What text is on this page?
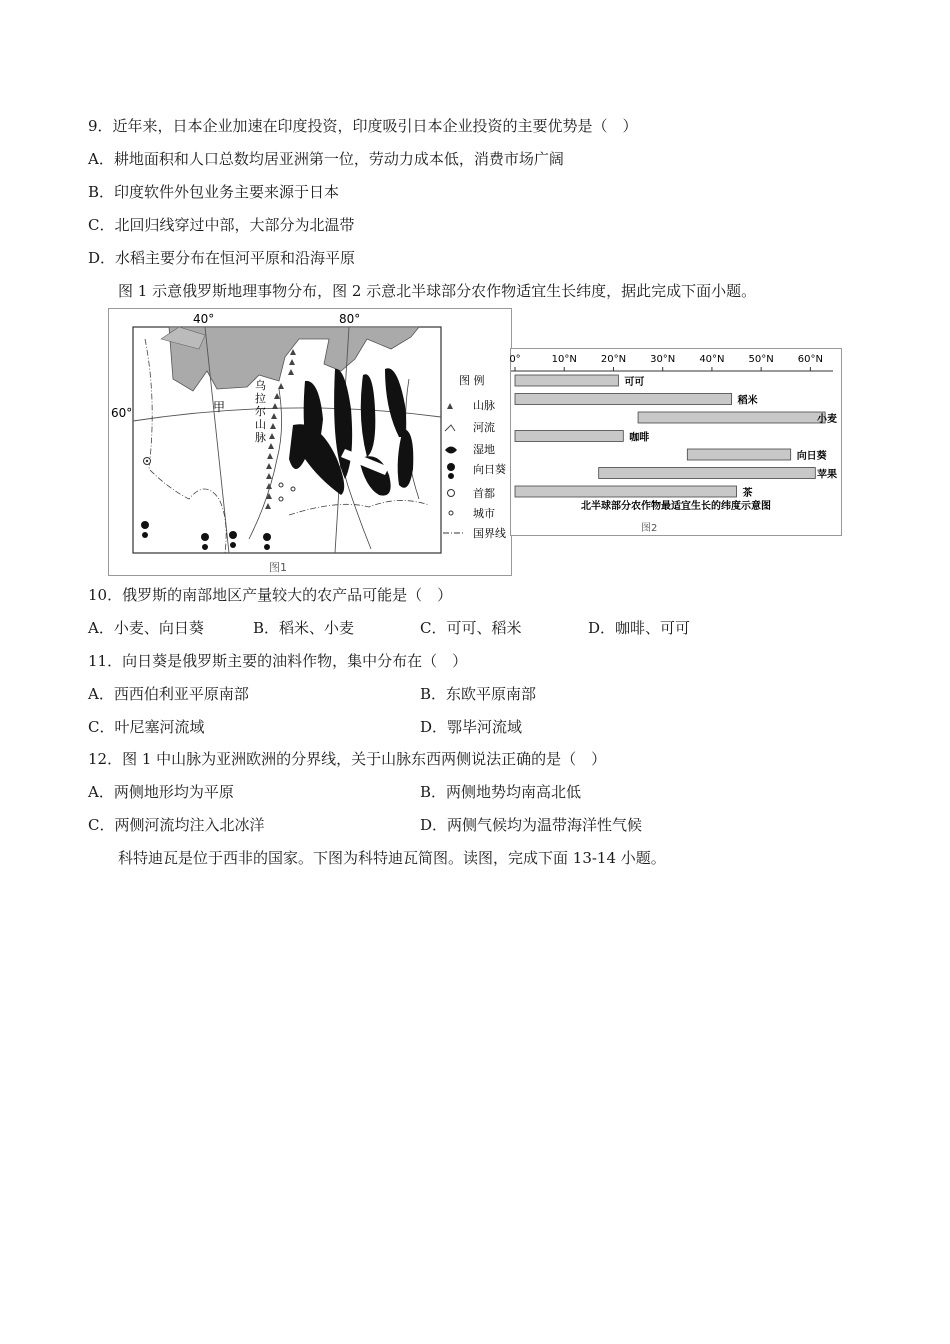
9．近年来，日本企业加速在印度投资，印度吸引日本企业投资的主要优势是（　）
A．耕地面积和人口总数均居亚洲第一位，劳动力成本低，消费市场广阔
B．印度软件外包业务主要来源于日本
C．北回归线穿过中部，大部分为北温带
D．水稻主要分布在恒河平原和沿海平原
图 1 示意俄罗斯地理事物分布，图 2 示意北半球部分农作物适宜生长纬度，据此完成下面小题。
40°	80°
60°	甲
乌
拉
尔
山
脉
图 例
山脉
河流
湿地
向日葵
首都
城市
国界线
图1
0°	10°N 20°N 30°N 40°N 50°N 60°N
可可
稻米
小麦
咖啡
向日葵
苹果
茶
北半球部分农作物最适宜生长的纬度示意图
图2
10．俄罗斯的南部地区产量较大的农产品可能是（　）
A．小麦、向日葵	B．稻米、小麦	C．可可、稻米	D．咖啡、可可
11．向日葵是俄罗斯主要的油料作物，集中分布在（　）
A．西西伯利亚平原南部	B．东欧平原南部
C．叶尼塞河流域	D．鄂毕河流域
12．图 1 中山脉为亚洲欧洲的分界线，关于山脉东西两侧说法正确的是（　）
A．两侧地形均为平原	B．两侧地势均南高北低
C．两侧河流均注入北冰洋	D．两侧气候均为温带海洋性气候
科特迪瓦是位于西非的国家。下图为科特迪瓦简图。读图，完成下面 13-14 小题。
